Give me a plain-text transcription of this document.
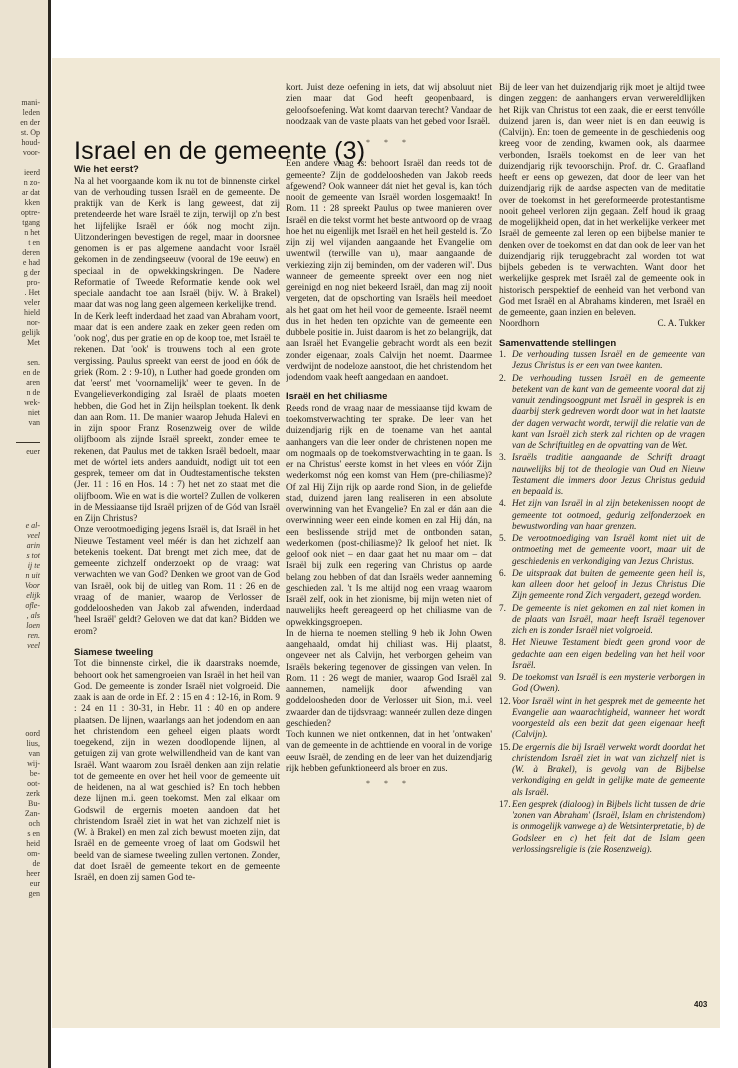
mani-
leden
en der
st. Op
houd-
voor-
ieerd
n zo-
ar dat
kken
optre-
tgang
n het
t en
deren
e had
g der
pro-
. Het
veler
hield
nor-
gelijk
Met
sen.
en de
aren
n de
wek-
niet
van
euer
e al-
veel
arin
s tot
ij te
n uit
Voor
elijk
ofle-
, als
loen
ren.
veel
oord
lius,
van
wij-
be-
oot-
zerk
Bu-
Zan-
och
s en
heid
om-
de
heer
eur
gen
Israel en de gemeente (3)
Wie het eerst?

Na al het voorgaande kom ik nu tot de binnenste cirkel van de verhouding tussen Israël en de gemeente. De praktijk van de Kerk is lang geweest, dat zij pretendeerde het ware Israël te zijn, terwijl op z'n best het lijfelijke Israël er óók nog mocht zijn. Uitzonderingen bevestigen de regel, maar in doorsnee genomen is er pas algemene aandacht voor Israël gekomen in de zendingseeuw (vooral de 19e eeuw) en speciaal in de opwekkingskringen. De Nadere Reformatie of Tweede Reformatie kende ook wel speciale aandacht toe aan Israël (bijv. W. à Brakel) maar dat was nog lang geen algemeen kerkelijke trend.

In de Kerk leeft inderdaad het zaad van Abraham voort, maar dat is een andere zaak en zeker geen reden om 'ook nog', dus per gratie en op de koop toe, met Israël te rekenen. Dat 'ook' is trouwens toch al een grote vergissing. Paulus spreekt van eerst de jood en óók de griek (Rom. 2 : 9-10), n Luther had goede gronden om dat 'eerst' met 'voornamelijk' weer te geven. In de Evangelieverkondiging zal Israël de plaats moeten hebben, die God het in Zijn heilsplan toekent. Ik denk dan aan Rom. 11. De manier waarop Jehuda Halevi en in zijn spoor Franz Rosenzweig over de wilde olijfboom als zijnde Israël spreekt, zonder emee te rekenen, dat Paulus met de takken Israël bedoelt, maar met de wórtel iets anders aanduidt, nodigt uit tot een gesprek, temeer om dat in Oudtestamentische teksten (Jer. 11 : 16 en Hos. 14 : 7) het net zo staat met die olijfboom. Wie en wat is die wortel? Zullen de volkeren in de Messiaanse tijd Israël prijzen of de Gód van Israël en Zijn Christus?

Onze verootmoediging jegens Israël is, dat Israël in het Nieuwe Testament veel méér is dan het zichzelf aan betekenis toekent. Dat brengt met zich mee, dat de gemeente zichzelf onderzoekt op de vraag: wat verwachten we van God? Denken we groot van de God van Israël, ook bij de uitleg van Rom. 11 : 26 en de vraag of de manier, waarop de Verlosser de goddeloosheden van Jakob zal afwenden, inderdaad 'heel Israël' geldt? Geloven we dat dat kan? Bidden we erom?

Siamese tweeling

Tot die binnenste cirkel, die ik daarstraks noemde, behoort ook het samengroeien van Israël in het heil van God. De gemeente is zonder Israël niet volgroeid. Die zaak is aan de orde in Ef. 2 : 15 en 4 : 12-16, in Rom. 9 : 24 en 11 : 30-31, in Hebr. 11 : 40 en op andere plaatsen. De lijnen, waarlangs aan het jodendom en aan het christendom een geheel eigen plaats wordt toegekend, zijn in wezen doodlopende lijnen, al getuigen zij van grote welwillendheid van de kant van Israël. Want waarom zou Israël denken aan zijn relatie tot de gemeente en over het heil voor de gemeente uit de heidenen, na al wat geschied is? En toch hebben deze lijnen m.i. geen toekomst. Men zal elkaar om Godswil de ergernis moeten aandoen dat het christendom Israël ziet in wat het van zichzelf niet is (W. à Brakel) en men zal zich bewust moeten zijn, dat Israël en de gemeente vroeg of laat om Godswil het beeld van de siamese tweeling zullen vertonen. Zonder, dat doet Israël de gemeente tekort en de gemeente Israël, en doen zij samen God te-

kort. Juist deze oefening in iets, dat wij absoluut niet zien maar dat God heeft geopenbaard, is geloofsoefening. Wat komt daarvan terecht? Vandaar de noodzaak van de vaste plaats van het gebed voor Israël.

* * *

Een andere vraag is: behoort Israël dan reeds tot de gemeente? Zijn de goddeloosheden van Jakob reeds afgewend? Ook wanneer dát niet het geval is, kan tóch nooit de gemeente van Israël worden losgemaakt! In Rom. 11 : 28 spreekt Paulus op twee manieren over Israël en die tekst vormt het beste antwoord op de vraag hoe het nu eigenlijk met Israël en het heil gesteld is. 'Zo zijn zij wel vijanden aangaande het Evangelie om uwentwil (terwille van u), maar aangaande de verkiezing zijn zij beminden, om der vaderen wil'. Dus wanneer de gemeente spreekt over een nog niet gereinigd en nog niet bekeerd Israël, dan mag zij nooit vergeten, dat de opschorting van Israëls heil meedoet als het gaat om het heil voor de gemeente. Israël neemt dus in het heden ten opzichte van de gemeente een dubbele positie in. Juist daarom is het zo belangrijk, dat aan Israël het Evangelie gebracht wordt als een bezit zonder eigenaar, zoals Calvijn het noemt. Daarmee verdwijnt de nodeloze aanstoot, die het christendom het jodendom vaak heeft aangedaan en aandoet.

Israël en het chiliasme

Reeds rond de vraag naar de messiaanse tijd kwam de toekomstverwachting ter sprake. De leer van het duizendjarig rijk en de toename van het aantal aanhangers van die leer onder de christenen nopen me om nogmaals op de toekomstverwachting in te gaan. Is er na Christus' eerste komst in het vlees en vóór Zijn wederkomst nóg een komst van Hem (pre-chiliasme)? Of zal Hij Zijn rijk op aarde rond Sion, in de geliefde stad, duizend jaren lang realiseren in een absolute overwinning van het Evangelie? En zal er dán aan die overwinning weer een einde komen en zal Hij dán, na een beslissende strijd met de ontbonden satan, wederkomen (post-chiliasme)? Ik geloof het niet. Ik geloof ook niet – en daar gaat het nu maar om – dat Israël bij zulk een regering van Christus op aarde belang zou hebben of dat dan Israëls weder aanneming geschieden zal. 't Is me altijd nog een vraag waarom Israël zelf, ook in het zionisme, bij mijn weten niet of nauwelijks heeft gereageerd op het chiliasme van de opwekkingsgroepen.

In de hierna te noemen stelling 9 heb ik John Owen aangehaald, omdat hij chiliast was. Hij plaatst, ongeveer net als Calvijn, het verborgen geheim van Israëls bekering tegenover de gissingen van velen. In Rom. 11 : 26 wegt de manier, waarop God Israël zal aannemen, namelijk door afwending van goddeloosheden door de Verlosser uit Sion, m.i. veel zwaarder dan de tijdsvraag: wanneér zullen deze dingen geschieden?

Toch kunnen we niet ontkennen, dat in het 'ontwaken' van de gemeente in de achttiende en vooral in de vorige eeuw Israël, de zending en de leer van het duizendjarig rijk hebben gefunktioneerd als broer en zus.

* * *

Bij de leer van het duizendjarig rijk moet je altijd twee dingen zeggen: de aanhangers ervan verwereldlijken het Rijk van Christus tot een zaak, die er eerst tenvólle duizend jaren is, dan weer niet is en dan eeuwig is (Calvijn). En: toen de gemeente in de geschiedenis oog kreeg voor de zending, kwamen ook, als daarmee verbonden, Israëls toekomst en de leer van het duizendjarig rijk tevoorschijn. Prof. dr. C. Graafland heeft er eens op gewezen, dat door de leer van het duizendjarig rijk de aardse aspecten van de meditatie over de toekomst in het gereformeerde protestantisme nooit geheel verloren zijn gegaan. Zelf houd ik graag de mogelijkheid open, dat in het werkelijke verkeer met Israël de gemeente zal leren op een bijbelse manier te denken over de toekomst en dat dan ook de leer van het duizendjarig rijk teruggebracht zal worden tot wat bijbels gebeden is te verwachten. Want door het werkelijke gesprek met Israël zal de gemeente ook in historisch perspektief de eenheid van het verbond van God met Israël en al Abrahams kinderen, met Israël en de gemeente, gaan inzien en beleven.

Noordhorn	C. A. Tukker
Samenvattende stellingen
1. De verhouding tussen Israël en de gemeente van Jezus Christus is er een van twee kanten.
2. De verhouding tussen Israël en de gemeente betekent van de kant van de gemeente vooral dat zij vanuit zendingsoogpunt met Israël in gesprek is en daarbij sterk gedreven wordt door wat in het laatste der dagen verwacht wordt, terwijl die relatie van de kant van Israël zich sterk zal richten op de vragen van de Schriftuitleg en de opvatting van de Wet.
3. Israëls traditie aangaande de Schrift draagt nauwelijks bij tot de theologie van Oud en Nieuw Testament die immers door Jezus Christus geduid en bepaald is.
4. Het zijn van Israël in al zijn betekenissen noopt de gemeente tot ootmoed, gedurig zelfonderzoek en bewustwording van haar grenzen.
5. De verootmoediging van Israël komt niet uit de ontmoeting met de gemeente voort, maar uit de geschiedenis en verkondiging van Jezus Christus.
6. De uitspraak dat buiten de gemeente geen heil is, kan alleen door het geloof in Jezus Christus Die Zijn gemeente rond Zich vergadert, gezegd worden.
7. De gemeente is niet gekomen en zal niet komen in de plaats van Israël, maar heeft Israël tegenover zich en is zonder Israël niet volgroeid.
8. Het Nieuwe Testament biedt geen grond voor de gedachte aan een eigen bedeling van het heil voor Israël.
9. De toekomst van Israël is een mysterie verborgen in God (Owen).
12. Voor Israël wint in het gesprek met de gemeente het Evangelie aan waarachtigheid, wanneer het wordt voorgesteld als een bezit dat geen eigenaar heeft (Calvijn).
15. De ergernis die bij Israël verwekt wordt doordat het christendom Israël ziet in wat van zichzelf niet is (W. à Brakel), is gevolg van de Bijbelse verkondiging en geldt in gelijke mate de gemeente als Israël.
17. Een gesprek (dialoog) in Bijbels licht tussen de drie 'zonen van Abraham' (Israël, Islam en christendom) is onmogelijk vanwege a) de Wetsinterpretatie, b) de Godsleer en c) het feit dat de Islam geen verlossingsreligie is (zie Rosenzweig).
403
